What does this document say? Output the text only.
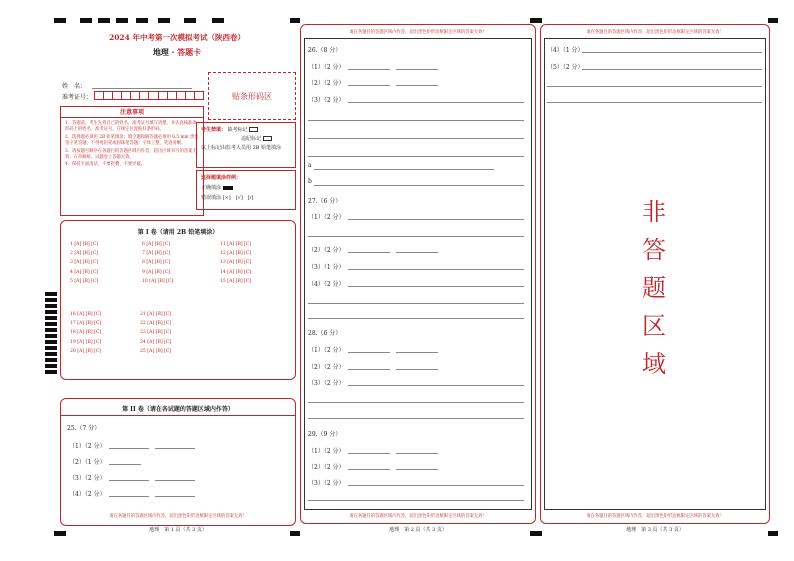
2024 年中考第一次模拟考试（陕西卷）
地理 · 答题卡
姓　名：
准考证号：	贴条形码区
注意事项
1．答题前，考生先将自己的姓名，准考证号填写清楚，并认真核准条形码上的姓名、准考证号，在规定位置贴好条形码。
2．选择题必须用 2B 铅笔填涂；填空题和解答题必须用 0.5 mm 黑色签字笔答题，不得用铅笔或圆珠笔答题；字体工整、笔迹清晰。
3．请按题号顺序在各题目的答题区域内作答，超出区域书写的答案无效；在草稿纸、试题卷上答题无效。
4．保持卡面清洁，不要折叠、不要弄破。
考生禁填： 缺考标记
违纪标记
以上标记由监考人员用 2B 铅笔填涂
选择题填涂样例：
正确填涂
错误填涂 [×]　[√]　[/]
第 I 卷（请用 2B 铅笔填涂）
1 [A] [B] [C]
2 [A] [B] [C]
3 [A] [B] [C]
4 [A] [B] [C]
5 [A] [B] [C]
6 [A] [B] [C]
7 [A] [B] [C]
8 [A] [B] [C]
9 [A] [B] [C]
10 [A] [B] [C]
11 [A] [B] [C]
12 [A] [B] [C]
13 [A] [B] [C]
14 [A] [B] [C]
15 [A] [B] [C]
16 [A] [B] [C]
17 [A] [B] [C]
18 [A] [B] [C]
19 [A] [B] [C]
20 [A] [B] [C]
21 [A] [B] [C]
22 [A] [B] [C]
23 [A] [B] [C]
24 [A] [B] [C]
25 [A] [B] [C]
第 II 卷（请在各试题的答题区域内作答）
25.（7 分）
（1）（2 分）
（2）（1 分）
（3）（2 分）
（4）（2 分）
请在各题目的答题区域内作答，超出黑色矩形边框限定区域的答案无效！
地理　第 1 页（共 3 页）
请在各题目的答题区域内作答，超出黑色矩形边框限定区域的答案无效！
请在各题目的答题区域内作答，超出黑色矩形边框限定区域的答案无效！
26.（8 分）
（1）（2 分）
（2）（2 分）
（3）（2 分）
a
b
27.（6 分）
（1）（2 分）
（2）（2 分）
（3）（1 分）
（4）（2 分）
28.（6 分）
（1）（2 分）
（2）（2 分）
（3）（2 分）
29.（9 分）
（1）（2 分）
（2）（2 分）
（3）（2 分）
地理　第 2 页（共 3 页）
请在各题目的答题区域内作答，超出黑色矩形边框限定区域的答案无效！
请在各题目的答题区域内作答，超出黑色矩形边框限定区域的答案无效！
（4）（1 分）
（5）（2 分）
非
答
题
区
域
地理　第 3 页（共 3 页）
